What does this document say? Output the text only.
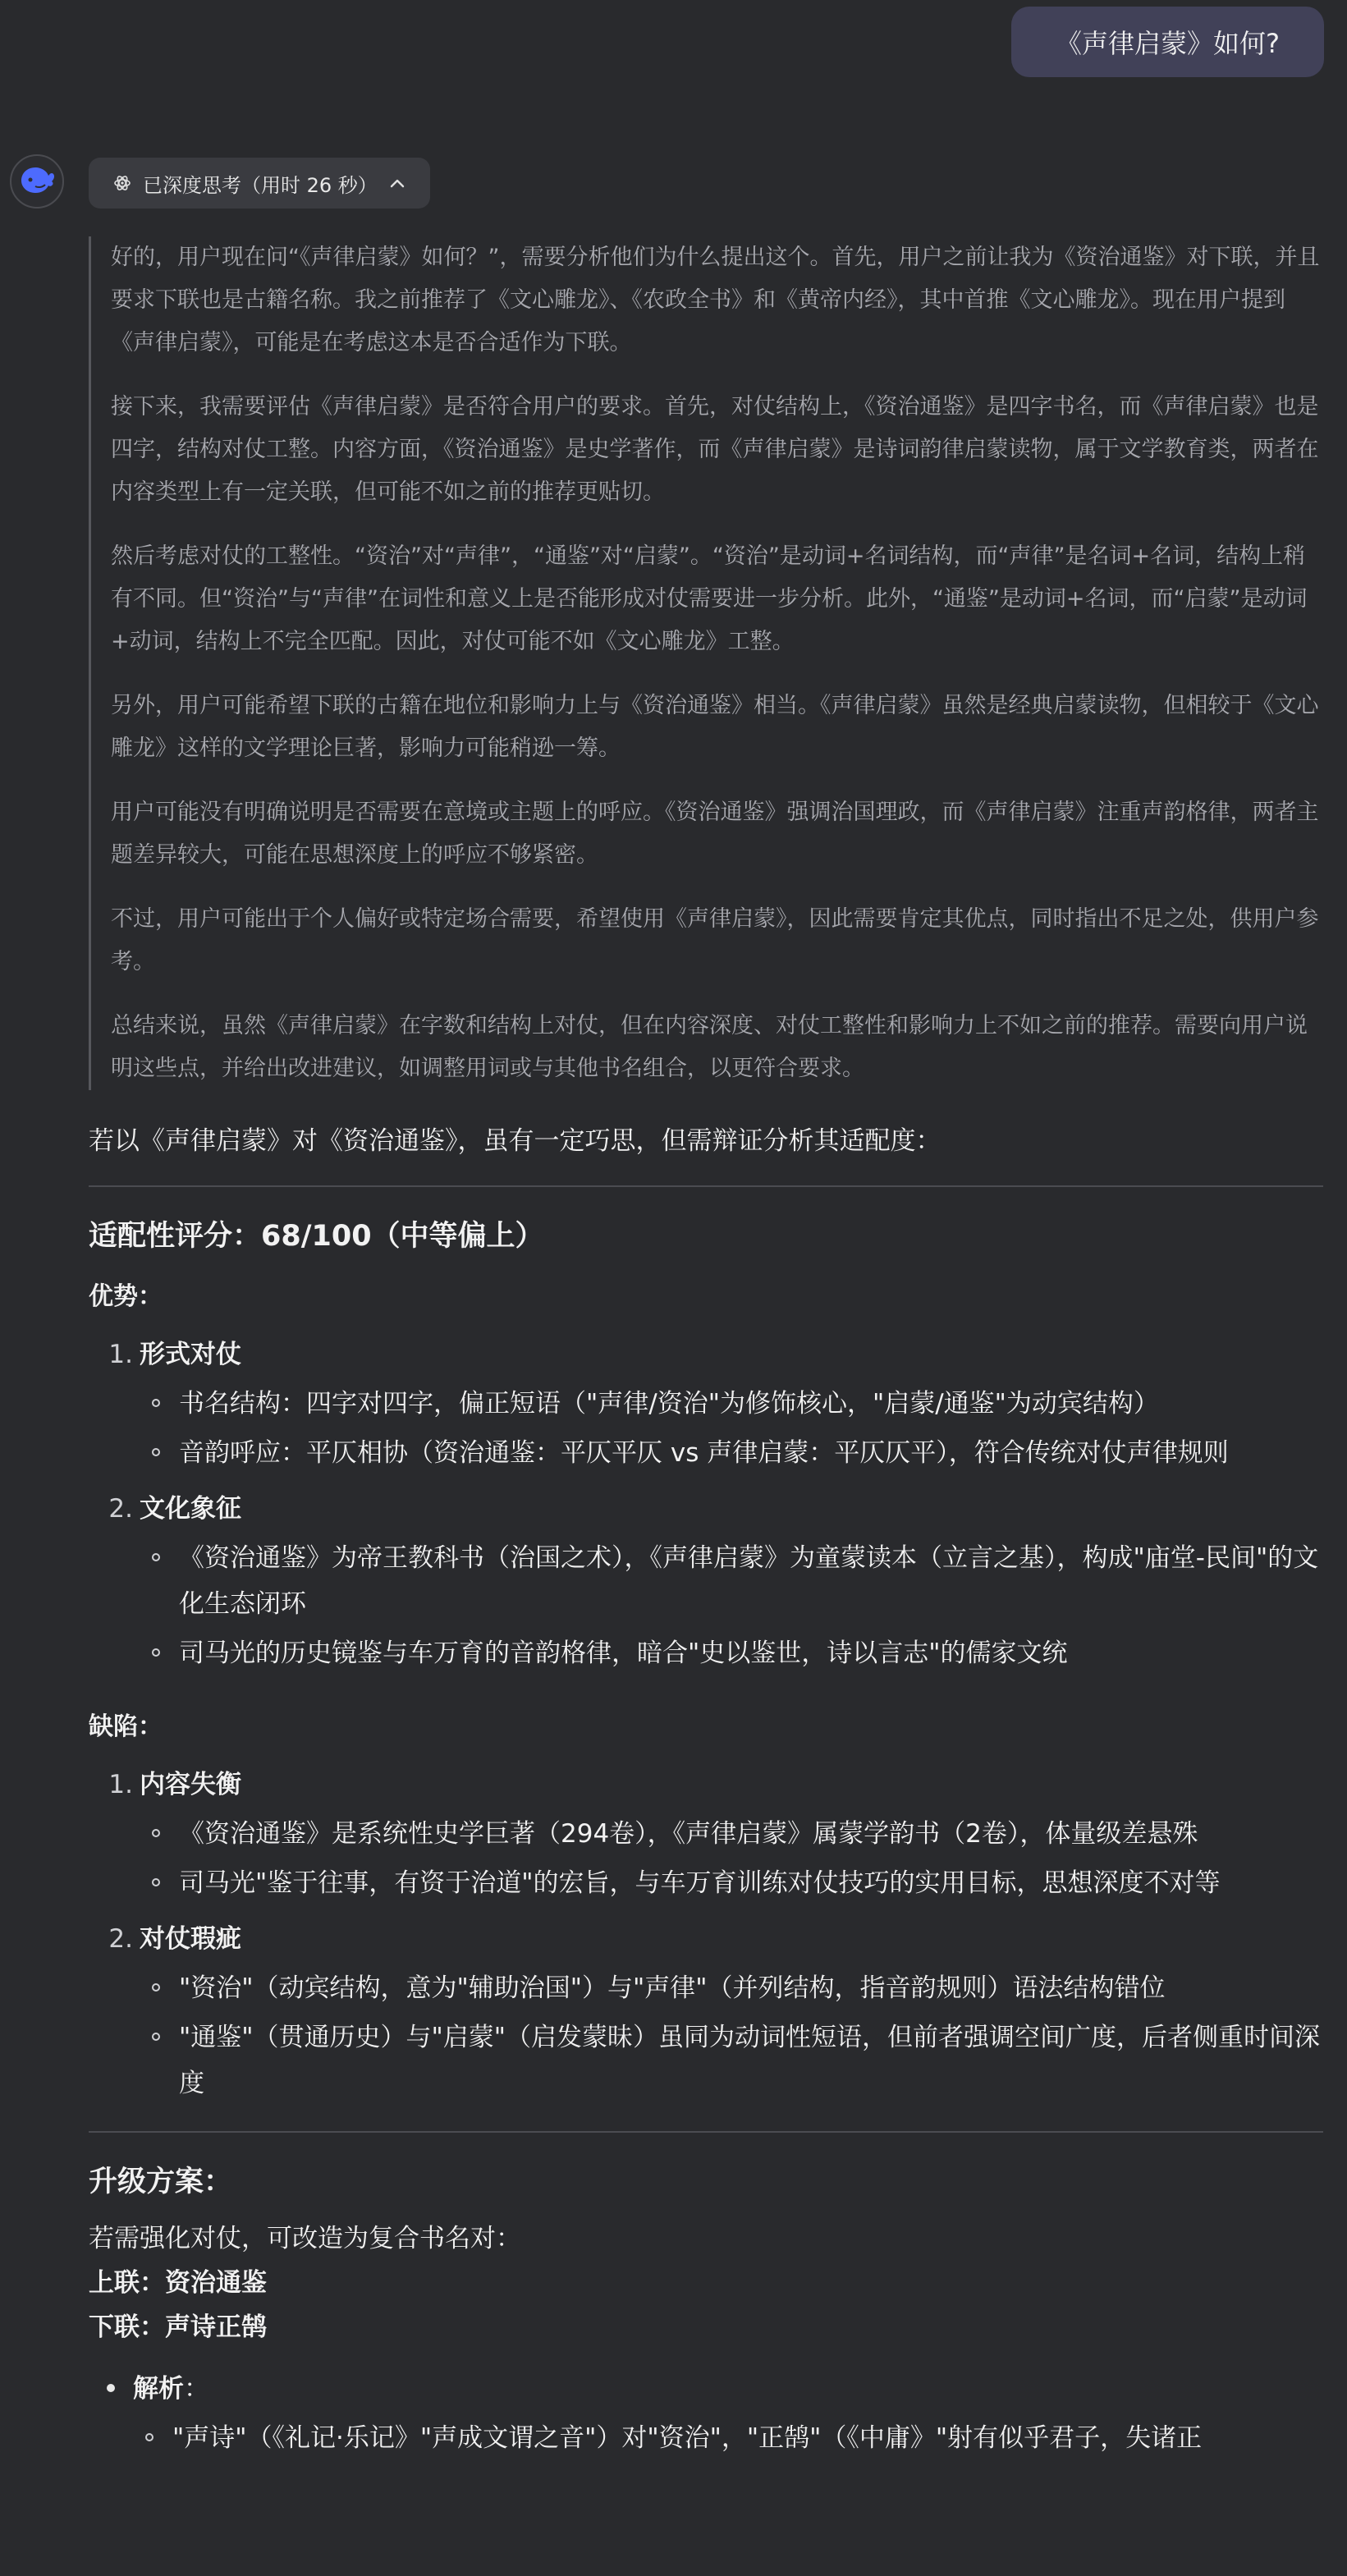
《声律启蒙》如何?
已深度思考（用时 26 秒）

好的，用户现在问“《声律启蒙》如何？”，需要分析他们为什么提出这个。首先，用户之前让我为《资治通鉴》对下联，并且要求下联也是古籍名称。我之前推荐了《文心雕龙》、《农政全书》和《黄帝内经》，其中首推《文心雕龙》。现在用户提到《声律启蒙》，可能是在考虑这本是否合适作为下联。

接下来，我需要评估《声律启蒙》是否符合用户的要求。首先，对仗结构上，《资治通鉴》是四字书名，而《声律启蒙》也是四字，结构对仗工整。内容方面，《资治通鉴》是史学著作，而《声律启蒙》是诗词韵律启蒙读物，属于文学教育类，两者在内容类型上有一定关联，但可能不如之前的推荐更贴切。

然后考虑对仗的工整性。“资治”对“声律”，“通鉴”对“启蒙”。“资治”是动词+名词结构，而“声律”是名词+名词，结构上稍有不同。但“资治”与“声律”在词性和意义上是否能形成对仗需要进一步分析。此外，“通鉴”是动词+名词，而“启蒙”是动词+动词，结构上不完全匹配。因此，对仗可能不如《文心雕龙》工整。

另外，用户可能希望下联的古籍在地位和影响力上与《资治通鉴》相当。《声律启蒙》虽然是经典启蒙读物，但相较于《文心雕龙》这样的文学理论巨著，影响力可能稍逊一筹。

用户可能没有明确说明是否需要在意境或主题上的呼应。《资治通鉴》强调治国理政，而《声律启蒙》注重声韵格律，两者主题差异较大，可能在思想深度上的呼应不够紧密。

不过，用户可能出于个人偏好或特定场合需要，希望使用《声律启蒙》，因此需要肯定其优点，同时指出不足之处，供用户参考。

总结来说，虽然《声律启蒙》在字数和结构上对仗，但在内容深度、对仗工整性和影响力上不如之前的推荐。需要向用户说明这些点，并给出改进建议，如调整用词或与其他书名组合，以更符合要求。

若以《声律启蒙》对《资治通鉴》，虽有一定巧思，但需辩证分析其适配度：

适配性评分：68/100（中等偏上）
优势：
1. 形式对仗
书名结构：四字对四字，偏正短语（"声律/资治"为修饰核心，"启蒙/通鉴"为动宾结构）
音韵呼应：平仄相协（资治通鉴：平仄平仄 vs 声律启蒙：平仄仄平），符合传统对仗声律规则
2. 文化象征
《资治通鉴》为帝王教科书（治国之术），《声律启蒙》为童蒙读本（立言之基），构成"庙堂-民间"的文化生态闭环
司马光的历史镜鉴与车万育的音韵格律，暗合"史以鉴世，诗以言志"的儒家文统
缺陷：
1. 内容失衡
《资治通鉴》是系统性史学巨著（294卷），《声律启蒙》属蒙学韵书（2卷），体量级差悬殊
司马光"鉴于往事，有资于治道"的宏旨，与车万育训练对仗技巧的实用目标，思想深度不对等
2. 对仗瑕疵
"资治"（动宾结构，意为"辅助治国"）与"声律"（并列结构，指音韵规则）语法结构错位
"通鉴"（贯通历史）与"启蒙"（启发蒙昧）虽同为动词性短语，但前者强调空间广度，后者侧重时间深度
升级方案：

若需强化对仗，可改造为复合书名对：

上联：资治通鉴

下联：声诗正鹄

解析：
"声诗"（《礼记·乐记》"声成文谓之音"）对"资治"，"正鹄"（《中庸》"射有似乎君子，失诸正
